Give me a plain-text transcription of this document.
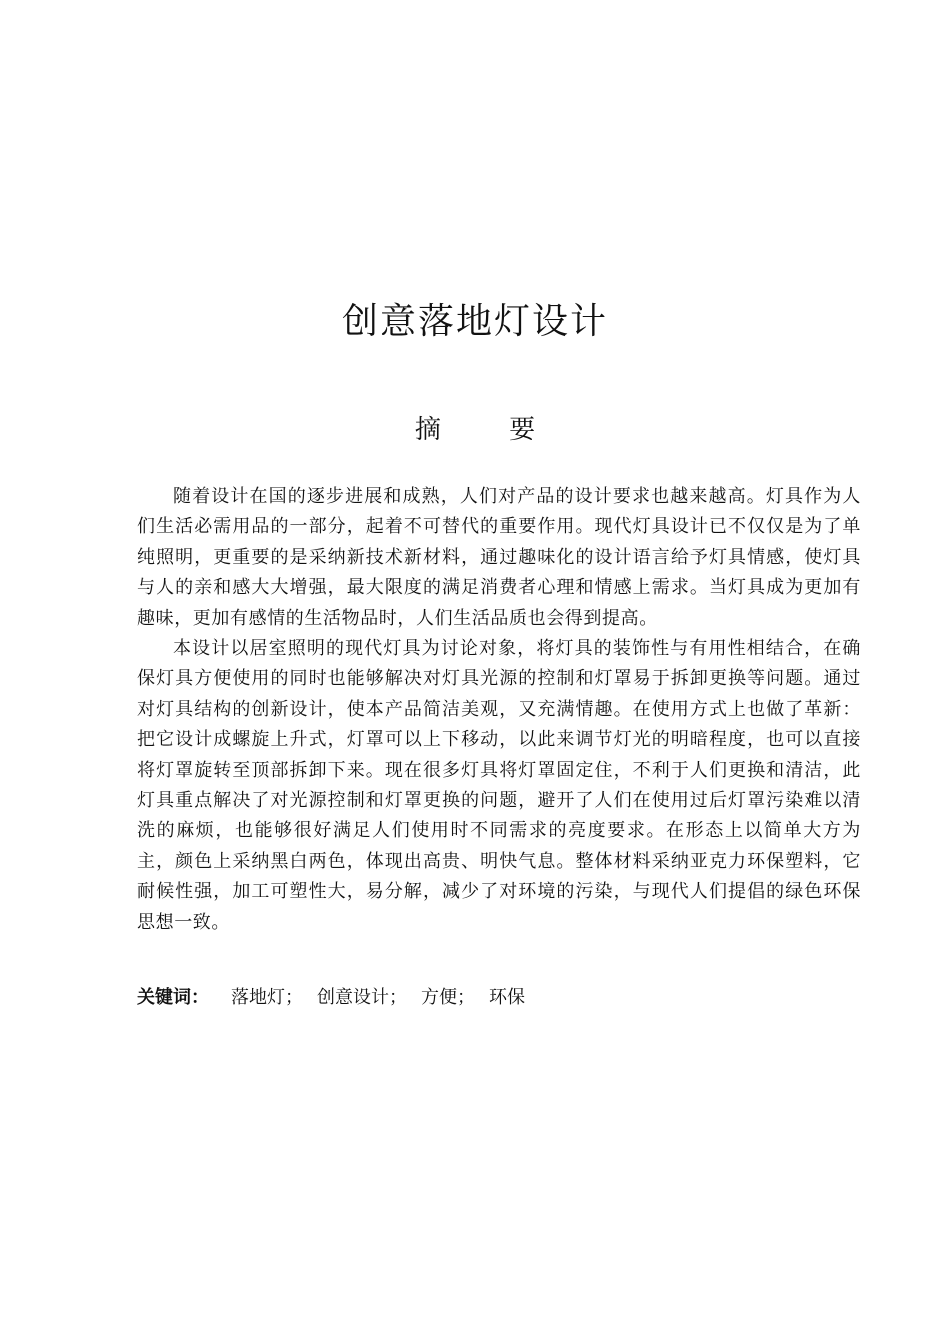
创意落地灯设计
摘 要

随着设计在国的逐步进展和成熟，人们对产品的设计要求也越来越高。灯具作为人们生活必需用品的一部分，起着不可替代的重要作用。现代灯具设计已不仅仅是为了单纯照明，更重要的是采纳新技术新材料，通过趣味化的设计语言给予灯具情感，使灯具与人的亲和感大大增强，最大限度的满足消费者心理和情感上需求。当灯具成为更加有趣味，更加有感情的生活物品时，人们生活品质也会得到提高。

本设计以居室照明的现代灯具为讨论对象，将灯具的装饰性与有用性相结合，在确保灯具方便使用的同时也能够解决对灯具光源的控制和灯罩易于拆卸更换等问题。通过对灯具结构的创新设计，使本产品简洁美观，又充满情趣。在使用方式上也做了革新：把它设计成螺旋上升式，灯罩可以上下移动，以此来调节灯光的明暗程度，也可以直接将灯罩旋转至顶部拆卸下来。现在很多灯具将灯罩固定住，不利于人们更换和清洁，此灯具重点解决了对光源控制和灯罩更换的问题，避开了人们在使用过后灯罩污染难以清洗的麻烦，也能够很好满足人们使用时不同需求的亮度要求。在形态上以简单大方为主，颜色上采纳黑白两色，体现出高贵、明快气息。整体材料采纳亚克力环保塑料，它耐候性强，加工可塑性大，易分解，减少了对环境的污染，与现代人们提倡的绿色环保思想一致。

关键词： 落地灯； 创意设计； 方便； 环保
